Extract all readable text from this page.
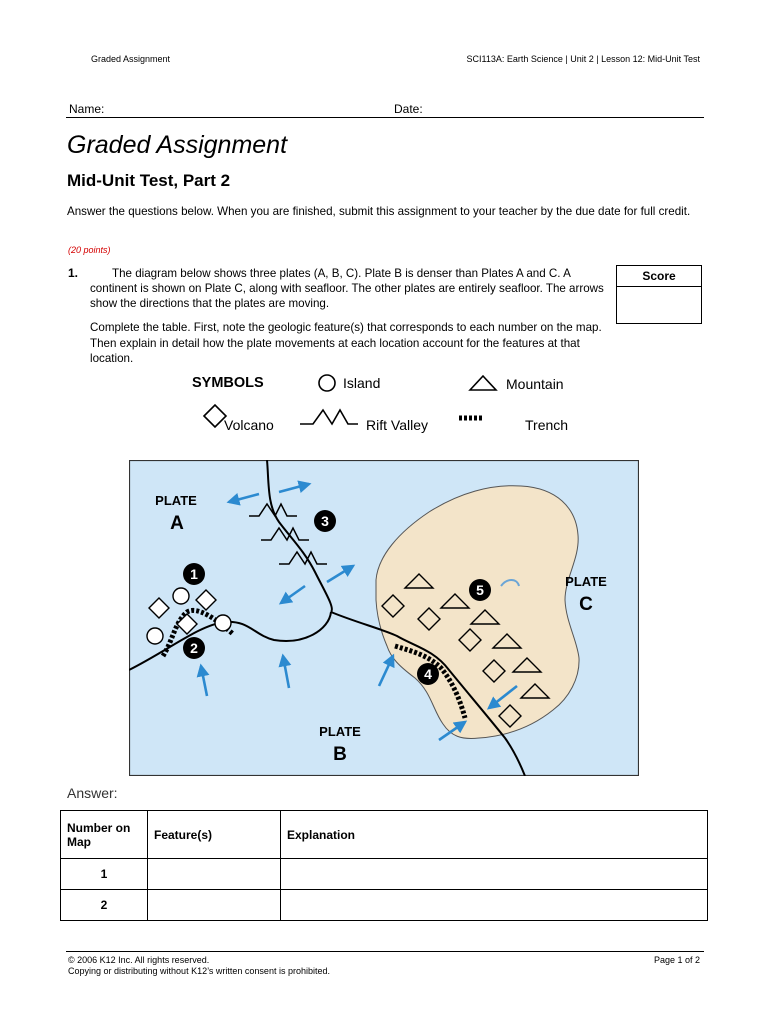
Graded Assignment	SCI113A: Earth Science | Unit 2 | Lesson 12: Mid-Unit Test
Name:	Date:
Graded Assignment
Mid-Unit Test, Part 2

Answer the questions below. When you are finished, submit this assignment to your teacher by the due date for full credit.

(20 points)
1.	The diagram below shows three plates (A, B, C). Plate B is denser than Plates A and C. A continent is shown on Plate C, along with seafloor. The other plates are entirely seafloor. The arrows show the directions that the plates are moving.

Complete the table. First, note the geologic feature(s) that corresponds to each number on the map. Then explain in detail how the plate movements at each location account for the features at that location.

Score
SYMBOLS	Island	Mountain
Volcano	Rift Valley	Trench
1
2
3
4
5
PLATE
A
PLATE
C
PLATE
B
Answer:
Number on Map	Feature(s)	Explanation
1		
2		
© 2006 K12 Inc. All rights reserved.
Copying or distributing without K12’s written consent is prohibited.
Page 1 of 2
